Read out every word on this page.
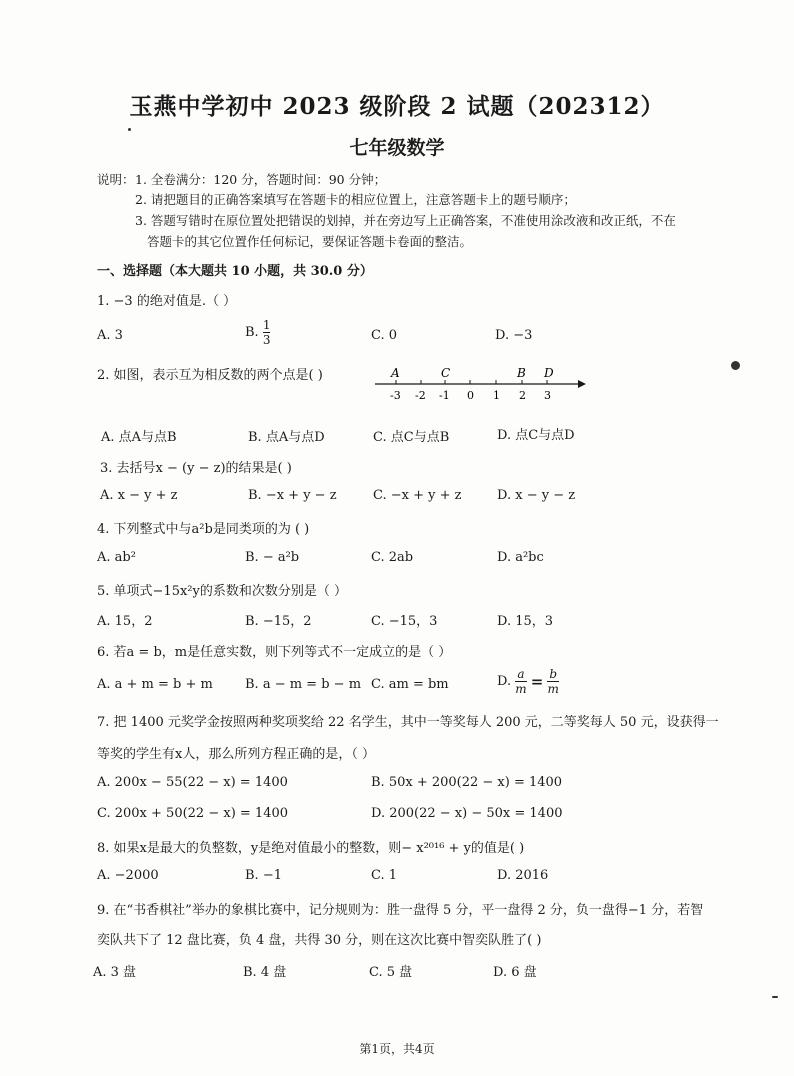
玉燕中学初中 2023 级阶段 2 试题（202312）
七年级数学
说明： 1. 全卷满分：120 分，答题时间：90 分钟；
2. 请把题目的正确答案填写在答题卡的相应位置上，注意答题卡上的题号顺序；
3. 答题写错时在原位置处把错误的划掉，并在旁边写上正确答案，不准使用涂改液和改正纸，不在
答题卡的其它位置作任何标记，要保证答题卡卷面的整洁。
一、选择题（本大题共 10 小题，共 30.0 分）
1. −3 的绝对值是.（ ）
A. 3	B. $\frac{1}{3}$	C. 0	D. −3
2. 如图，表示互为相反数的两个点是( )
-3 -2 -1 0 1 2 3
A	C	B D
A. 点A与点B	B. 点A与点D	C. 点C与点B	D. 点C与点D
3. 去括号x − (y − z)的结果是( )
A. x − y + z	B. −x + y − z	C. −x + y + z	D. x − y − z
4. 下列整式中与a²b是同类项的为 ( )
A. ab²	B. − a²b	C. 2ab	D. a²bc
5. 单项式−15x²y的系数和次数分别是（ ）
A. 15，2	B. −15，2	C. −15，3	D. 15，3
6. 若a = b，m是任意实数，则下列等式不一定成立的是（ ）
A. a + m = b + m B. a − m = b − m C. am = bm	D. $\frac{a}{m} = \frac{b}{m}$
7. 把 1400 元奖学金按照两种奖项奖给 22 名学生，其中一等奖每人 200 元，二等奖每人 50 元，设获得一
等奖的学生有x人，那么所列方程正确的是，（ ）
A. 200x − 55(22 − x) = 1400	B. 50x + 200(22 − x) = 1400
C. 200x + 50(22 − x) = 1400	D. 200(22 − x) − 50x = 1400
8. 如果x是最大的负整数，y是绝对值最小的整数，则− x²⁰¹⁶ + y的值是( )
A. −2000	B. −1	C. 1	D. 2016
9. 在“书香棋社”举办的象棋比赛中，记分规则为：胜一盘得 5 分，平一盘得 2 分，负一盘得−1 分，若智
奕队共下了 12 盘比赛，负 4 盘，共得 30 分，则在这次比赛中智奕队胜了( )
A. 3 盘	B. 4 盘	C. 5 盘	D. 6 盘
第1页，共4页
